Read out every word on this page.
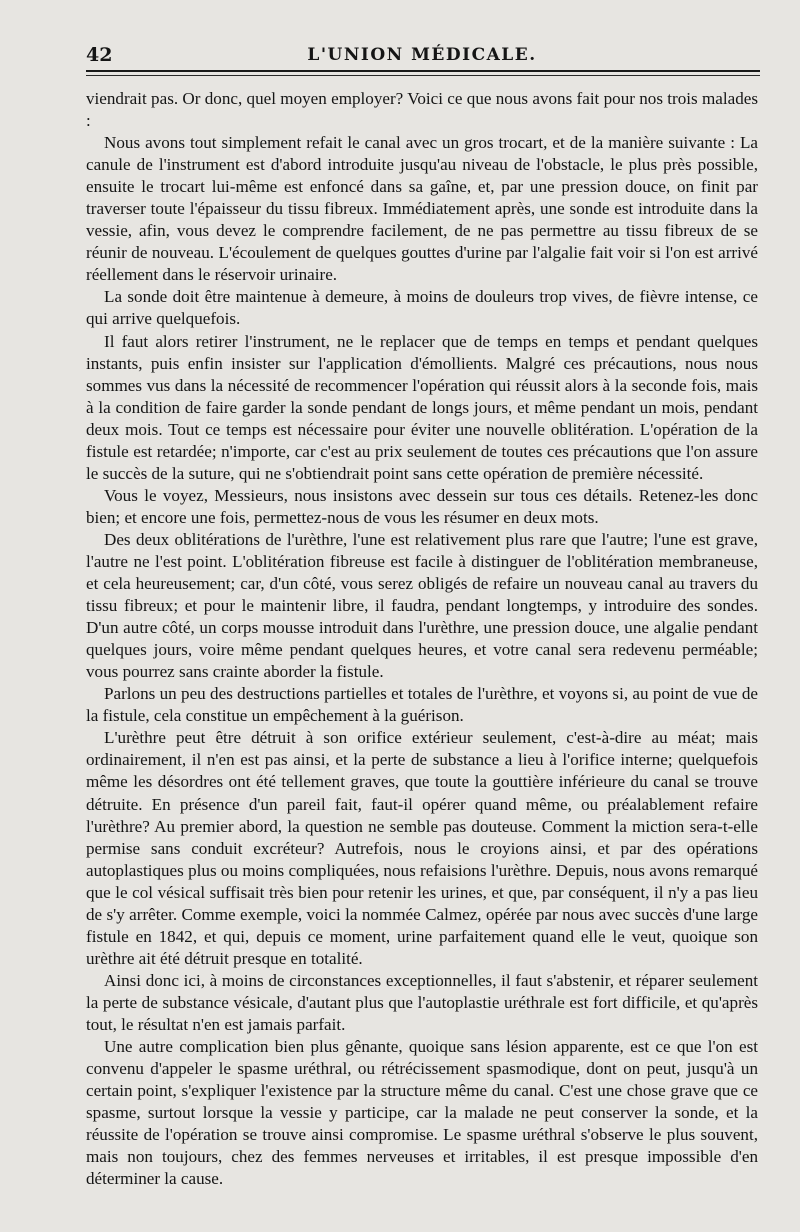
42	L'UNION MÉDICALE.

viendrait pas. Or donc, quel moyen employer? Voici ce que nous avons fait pour nos trois malades :

Nous avons tout simplement refait le canal avec un gros trocart, et de la manière suivante : La canule de l'instrument est d'abord introduite jusqu'au niveau de l'obstacle, le plus près possible, ensuite le trocart lui-même est enfoncé dans sa gaîne, et, par une pression douce, on finit par traverser toute l'épaisseur du tissu fibreux. Immédiatement après, une sonde est introduite dans la vessie, afin, vous devez le comprendre facilement, de ne pas permettre au tissu fibreux de se réunir de nouveau. L'écoulement de quelques gouttes d'urine par l'algalie fait voir si l'on est arrivé réellement dans le réservoir urinaire.

La sonde doit être maintenue à demeure, à moins de douleurs trop vives, de fièvre intense, ce qui arrive quelquefois.

Il faut alors retirer l'instrument, ne le replacer que de temps en temps et pendant quelques instants, puis enfin insister sur l'application d'émollients. Malgré ces précautions, nous nous sommes vus dans la nécessité de recommencer l'opération qui réussit alors à la seconde fois, mais à la condition de faire garder la sonde pendant de longs jours, et même pendant un mois, pendant deux mois. Tout ce temps est nécessaire pour éviter une nouvelle oblitération. L'opération de la fistule est retardée; n'importe, car c'est au prix seulement de toutes ces précautions que l'on assure le succès de la suture, qui ne s'obtiendrait point sans cette opération de première nécessité.

Vous le voyez, Messieurs, nous insistons avec dessein sur tous ces détails. Retenez-les donc bien; et encore une fois, permettez-nous de vous les résumer en deux mots.

Des deux oblitérations de l'urèthre, l'une est relativement plus rare que l'autre; l'une est grave, l'autre ne l'est point. L'oblitération fibreuse est facile à distinguer de l'oblitération membraneuse, et cela heureusement; car, d'un côté, vous serez obligés de refaire un nouveau canal au travers du tissu fibreux; et pour le maintenir libre, il faudra, pendant longtemps, y introduire des sondes. D'un autre côté, un corps mousse introduit dans l'urèthre, une pression douce, une algalie pendant quelques jours, voire même pendant quelques heures, et votre canal sera redevenu perméable; vous pourrez sans crainte aborder la fistule.

Parlons un peu des destructions partielles et totales de l'urèthre, et voyons si, au point de vue de la fistule, cela constitue un empêchement à la guérison.

L'urèthre peut être détruit à son orifice extérieur seulement, c'est-à-dire au méat; mais ordinairement, il n'en est pas ainsi, et la perte de substance a lieu à l'orifice interne; quelquefois même les désordres ont été tellement graves, que toute la gouttière inférieure du canal se trouve détruite. En présence d'un pareil fait, faut-il opérer quand même, ou préalablement refaire l'urèthre? Au premier abord, la question ne semble pas douteuse. Comment la miction sera-t-elle permise sans conduit excréteur? Autrefois, nous le croyions ainsi, et par des opérations autoplastiques plus ou moins compliquées, nous refaisions l'urèthre. Depuis, nous avons remarqué que le col vésical suffisait très bien pour retenir les urines, et que, par conséquent, il n'y a pas lieu de s'y arrêter. Comme exemple, voici la nommée Calmez, opérée par nous avec succès d'une large fistule en 1842, et qui, depuis ce moment, urine parfaitement quand elle le veut, quoique son urèthre ait été détruit presque en totalité.

Ainsi donc ici, à moins de circonstances exceptionnelles, il faut s'abstenir, et réparer seulement la perte de substance vésicale, d'autant plus que l'autoplastie uréthrale est fort difficile, et qu'après tout, le résultat n'en est jamais parfait.

Une autre complication bien plus gênante, quoique sans lésion apparente, est ce que l'on est convenu d'appeler le spasme uréthral, ou rétrécissement spasmodique, dont on peut, jusqu'à un certain point, s'expliquer l'existence par la structure même du canal. C'est une chose grave que ce spasme, surtout lorsque la vessie y participe, car la malade ne peut conserver la sonde, et la réussite de l'opération se trouve ainsi compromise. Le spasme uréthral s'observe le plus souvent, mais non toujours, chez des femmes nerveuses et irritables, il est presque impossible d'en déterminer la cause.
